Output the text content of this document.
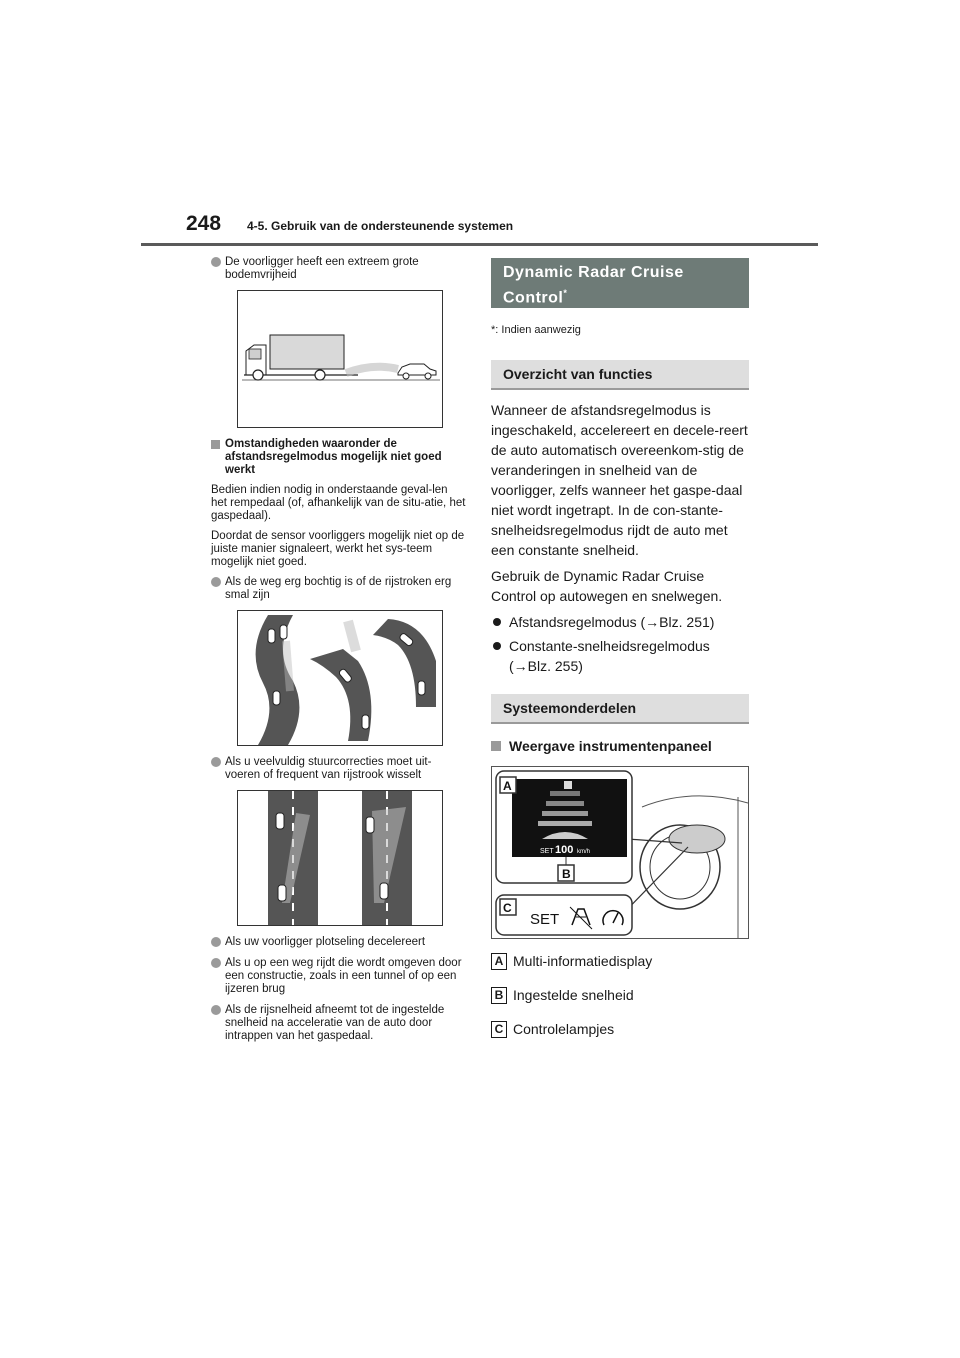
248 4-5. Gebruik van de ondersteunende systemen
De voorligger heeft een extreem grote bodemvrijheid
Omstandigheden waaronder de afstandsregelmodus mogelijk niet goed werkt
Bedien indien nodig in onderstaande geval-len het rempedaal (of, afhankelijk van de situ-atie, het gaspedaal).
Doordat de sensor voorliggers mogelijk niet op de juiste manier signaleert, werkt het sys-teem mogelijk niet goed.
Als de weg erg bochtig is of de rijstroken erg smal zijn
Als u veelvuldig stuurcorrecties moet uit-voeren of frequent van rijstrook wisselt
Als uw voorligger plotseling decelereert
Als u op een weg rijdt die wordt omgeven door een constructie, zoals in een tunnel of op een ijzeren brug
Als de rijsnelheid afneemt tot de ingestelde snelheid na acceleratie van de auto door intrappen van het gaspedaal.
Dynamic Radar Cruise Control*
*: Indien aanwezig
Overzicht van functies

Wanneer de afstandsregelmodus is ingeschakeld, accelereert en decele-reert de auto automatisch overeenkom-stig de veranderingen in snelheid van de voorligger, zelfs wanneer het gaspe-daal niet wordt ingetrapt. In de con-stante-snelheidsregelmodus rijdt de auto met een constante snelheid.

Gebruik de Dynamic Radar Cruise Control op autowegen en snelwegen.

Afstandsregelmodus (→Blz. 251)
Constante-snelheidsregelmodus (→Blz. 255)
Systeemonderdelen
Weergave instrumentenpaneel
SET 100 km/h
B
A
C
SET
A Multi-informatiedisplay
B Ingestelde snelheid
C Controlelampjes
